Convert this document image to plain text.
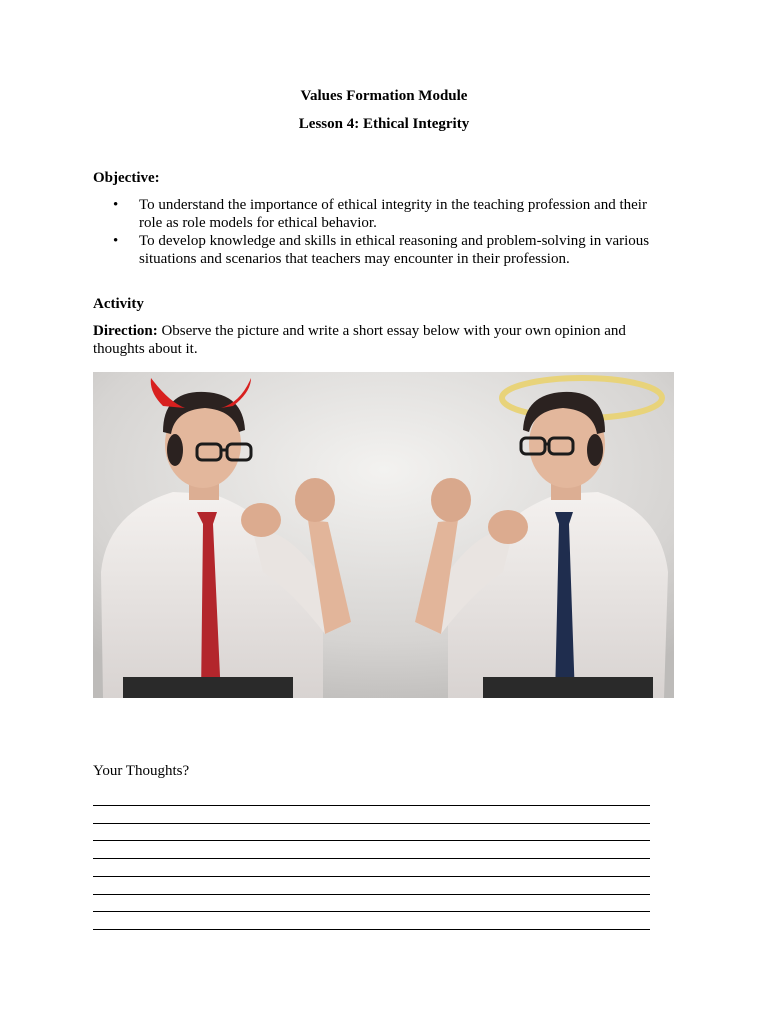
Values Formation Module
Lesson 4: Ethical Integrity
Objective:
• To understand the importance of ethical integrity in the teaching profession and their role as role models for ethical behavior.
• To develop knowledge and skills in ethical reasoning and problem-solving in various situations and scenarios that teachers may encounter in their profession.
Activity
Direction: Observe the picture and write a short essay below with your own opinion and thoughts about it.
Your Thoughts?
